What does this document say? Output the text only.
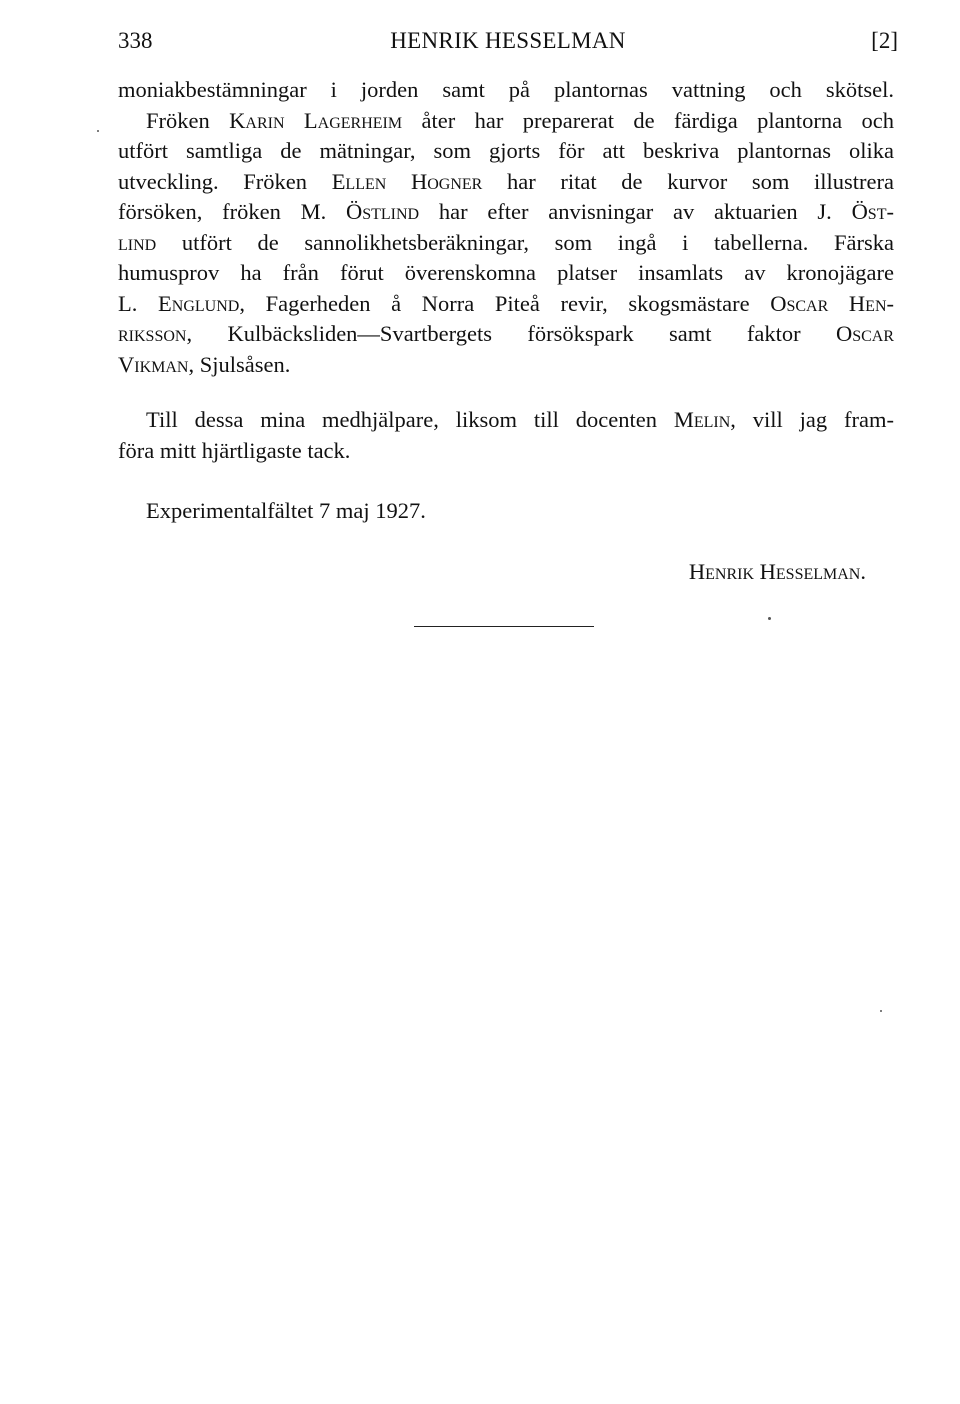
338	HENRIK HESSELMAN	[2]
moniakbestämningar i jorden samt på plantornas vattning och skötsel.
Fröken Karin Lagerheim åter har preparerat de färdiga plantorna och
utfört samtliga de mätningar, som gjorts för att beskriva plantornas olika
utveckling. Fröken Ellen Hogner har ritat de kurvor som illustrera
försöken, fröken M. Östlind har efter anvisningar av aktuarien J. Öst-
lind utfört de sannolikhetsberäkningar, som ingå i tabellerna. Färska
humusprov ha från förut överenskomna platser insamlats av kronojägare
L. Englund, Fagerheden å Norra Piteå revir, skogsmästare Oscar Hen-
riksson, Kulbäcksliden—Svartbergets försökspark samt faktor Oscar
Vikman, Sjulsåsen.
Till dessa mina medhjälpare, liksom till docenten Melin, vill jag fram-
föra mitt hjärtligaste tack.
Experimentalfältet 7 maj 1927.
Henrik Hesselman.
